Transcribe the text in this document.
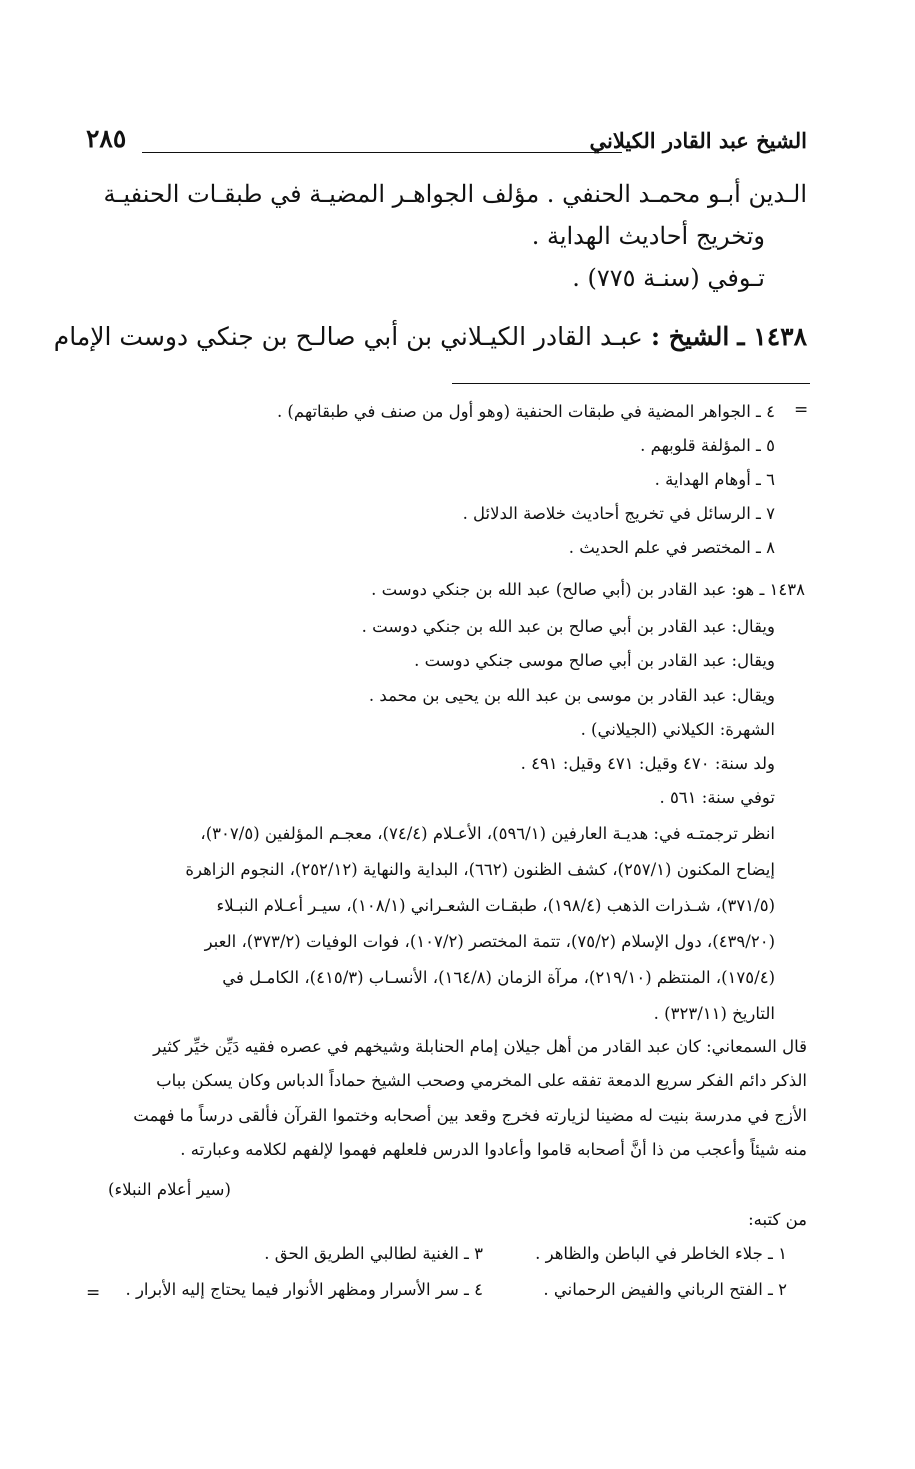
الشيخ عبد القادر الكيلاني
٢٨٥
الـدين أبـو محمـد الحنفي . مؤلف الجواهـر المضيـة في طبقـات الحنفيـة
وتخريج أحاديث الهداية .
تـوفي (سنـة ٧٧٥) .
١٤٣٨ ـ الشيخ : عبـد القادر الكيـلاني بن أبي صالـح بن جنكي دوست الإمام
=
٤ ـ الجواهر المضية في طبقات الحنفية (وهو أول من صنف في طبقاتهم) .
٥ ـ المؤلفة قلوبهم .
٦ ـ أوهام الهداية .
٧ ـ الرسائل في تخريج أحاديث خلاصة الدلائل .
٨ ـ المختصر في علم الحديث .
١٤٣٨ ـ هو: عبد القادر بن (أبي صالح) عبد الله بن جنكي دوست .
ويقال: عبد القادر بن أبي صالح بن عبد الله بن جنكي دوست .
ويقال: عبد القادر بن أبي صالح موسى جنكي دوست .
ويقال: عبد القادر بن موسى بن عبد الله بن يحيى بن محمد .
الشهرة: الكيلاني (الجيلاني) .
ولد سنة: ٤٧٠ وقيل: ٤٧١ وقيل: ٤٩١ .
توفي سنة: ٥٦١ .
انظر ترجمتـه في: هديـة العارفين (٥٩٦/١)، الأعـلام (٧٤/٤)، معجـم المؤلفين (٣٠٧/٥)،
إيضاح المكنون (٢٥٧/١)، كشف الظنون (٦٦٢)، البداية والنهاية (٢٥٢/١٢)، النجوم الزاهرة
(٣٧١/٥)، شـذرات الذهب (١٩٨/٤)، طبقـات الشعـراني (١٠٨/١)، سيـر أعـلام النبـلاء
(٤٣٩/٢٠)، دول الإسلام (٧٥/٢)، تتمة المختصر (١٠٧/٢)، فوات الوفيات (٣٧٣/٢)، العبر
(١٧٥/٤)، المنتظم (٢١٩/١٠)، مرآة الزمان (١٦٤/٨)، الأنسـاب (٤١٥/٣)، الكامـل في
التاريخ (٣٢٣/١١) .
قال السمعاني: كان عبد القادر من أهل جيلان إمام الحنابلة وشيخهم في عصره فقيه دَيِّن خيِّر كثير
الذكر دائم الفكر سريع الدمعة تفقه على المخرمي وصحب الشيخ حماداً الدباس وكان يسكن بباب
الأزج في مدرسة بنيت له مضينا لزيارته فخرج وقعد بين أصحابه وختموا القرآن فألقى درساً ما فهمت
منه شيئاً وأعجب من ذا أنَّ أصحابه قاموا وأعادوا الدرس فلعلهم فهموا لإلفهم لكلامه وعبارته .
(سير أعلام النبلاء)
من كتبه:
١ ـ جلاء الخاطر في الباطن والظاهر .
٣ ـ الغنية لطالبي الطريق الحق .
٢ ـ الفتح الرباني والفيض الرحماني .
٤ ـ سر الأسرار ومظهر الأنوار فيما يحتاج إليه الأبرار .
=
